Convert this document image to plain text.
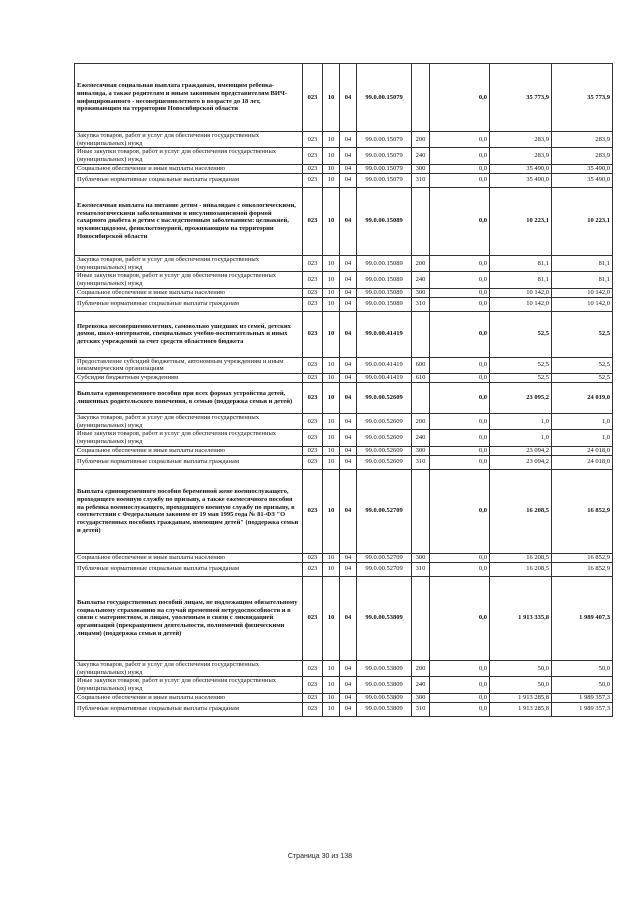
Ежемесячная социальная выплата гражданам, имеющим ребенка-инвалида, а также родителям и иным законным представителям ВИЧ-инфицированного - несовершеннолетнего в возрасте до 18 лет, проживающим на территории Новосибирской области	023	10	04	99.0.00.15079		0,0	35 773,9	35 773,9
Закупка товаров, работ и услуг для обеспечения государственных (муниципальных) нужд	023	10	04	99.0.00.15079	200	0,0	283,9	283,9
Иные закупки товаров, работ и услуг для обеспечения государственных (муниципальных) нужд	023	10	04	99.0.00.15079	240	0,0	283,9	283,9
Социальное обеспечение и иные выплаты населению	023	10	04	99.0.00.15079	300	0,0	35 490,0	35 490,0
Публичные нормативные социальные выплаты гражданам	023	10	04	99.0.00.15079	310	0,0	35 490,0	35 490,0
Ежемесячная выплата на питание детям - инвалидам с онкологическими, гематологическими заболеваниями и инсулинозависимой формой сахарного диабета и детям с наследственным заболеванием: целиакией, муковисцидозом, фенилкетонурией, проживающим на территории Новосибирской области	023	10	04	99.0.00.15089		0,0	10 223,1	10 223,1
Закупка товаров, работ и услуг для обеспечения государственных (муниципальных) нужд	023	10	04	99.0.00.15089	200	0,0	81,1	81,1
Иные закупки товаров, работ и услуг для обеспечения государственных (муниципальных) нужд	023	10	04	99.0.00.15089	240	0,0	81,1	81,1
Социальное обеспечение и иные выплаты населению	023	10	04	99.0.00.15089	300	0,0	10 142,0	10 142,0
Публичные нормативные социальные выплаты гражданам	023	10	04	99.0.00.15089	310	0,0	10 142,0	10 142,0
Перевозка несовершеннолетних, самовольно ушедших из семей, детских домов, школ-интернатов, специальных учебно-воспитательных и иных детских учреждений за счет средств областного бюджета	023	10	04	99.0.00.41419		0,0	52,5	52,5
Предоставление субсидий бюджетным, автономным учреждениям и иным некоммерческим организациям	023	10	04	99.0.00.41419	600	0,0	52,5	52,5
Субсидии бюджетным учреждениям	023	10	04	99.0.00.41419	610	0,0	52,5	52,5
Выплата единовременного пособия при всех формах устройства детей, лишенных родительского попечения, в семью (поддержка семьи и детей)	023	10	04	99.0.00.52609		0,0	23 095,2	24 019,0
Закупка товаров, работ и услуг для обеспечения государственных (муниципальных) нужд	023	10	04	99.0.00.52609	200	0,0	1,0	1,0
Иные закупки товаров, работ и услуг для обеспечения государственных (муниципальных) нужд	023	10	04	99.0.00.52609	240	0,0	1,0	1,0
Социальное обеспечение и иные выплаты населению	023	10	04	99.0.00.52609	300	0,0	23 094,2	24 018,0
Публичные нормативные социальные выплаты гражданам	023	10	04	99.0.00.52609	310	0,0	23 094,2	24 018,0
Выплата единовременного пособия беременной жене военнослужащего, проходящего военную службу по призыву, а также ежемесячного пособия на ребенка военнослужащего, проходящего военную службу по призыву, в соответствии с Федеральным законом от 19 мая 1995 года № 81-ФЗ "О государственных пособиях гражданам, имеющим детей" (поддержка семьи и детей)	023	10	04	99.0.00.52709		0,0	16 208,5	16 852,9
Социальное обеспечение и иные выплаты населению	023	10	04	99.0.00.52709	300	0,0	16 208,5	16 852,9
Публичные нормативные социальные выплаты гражданам	023	10	04	99.0.00.52709	310	0,0	16 208,5	16 852,9
Выплаты государственных пособий лицам, не подлежащим обязательному социальному страхованию на случай временной нетрудоспособности и в связи с материнством, и лицам, уволенным в связи с ликвидацией организаций (прекращением деятельности, полномочий физическими лицами) (поддержка семьи и детей)	023	10	04	99.0.00.53809		0,0	1 913 335,8	1 989 407,3
Закупка товаров, работ и услуг для обеспечения государственных (муниципальных) нужд	023	10	04	99.0.00.53809	200	0,0	50,0	50,0
Иные закупки товаров, работ и услуг для обеспечения государственных (муниципальных) нужд	023	10	04	99.0.00.53809	240	0,0	50,0	50,0
Социальное обеспечение и иные выплаты населению	023	10	04	99.0.00.53809	300	0,0	1 913 285,8	1 989 357,3
Публичные нормативные социальные выплаты гражданам	023	10	04	99.0.00.53809	310	0,0	1 913 285,8	1 989 357,3
Страница 30 из 138
